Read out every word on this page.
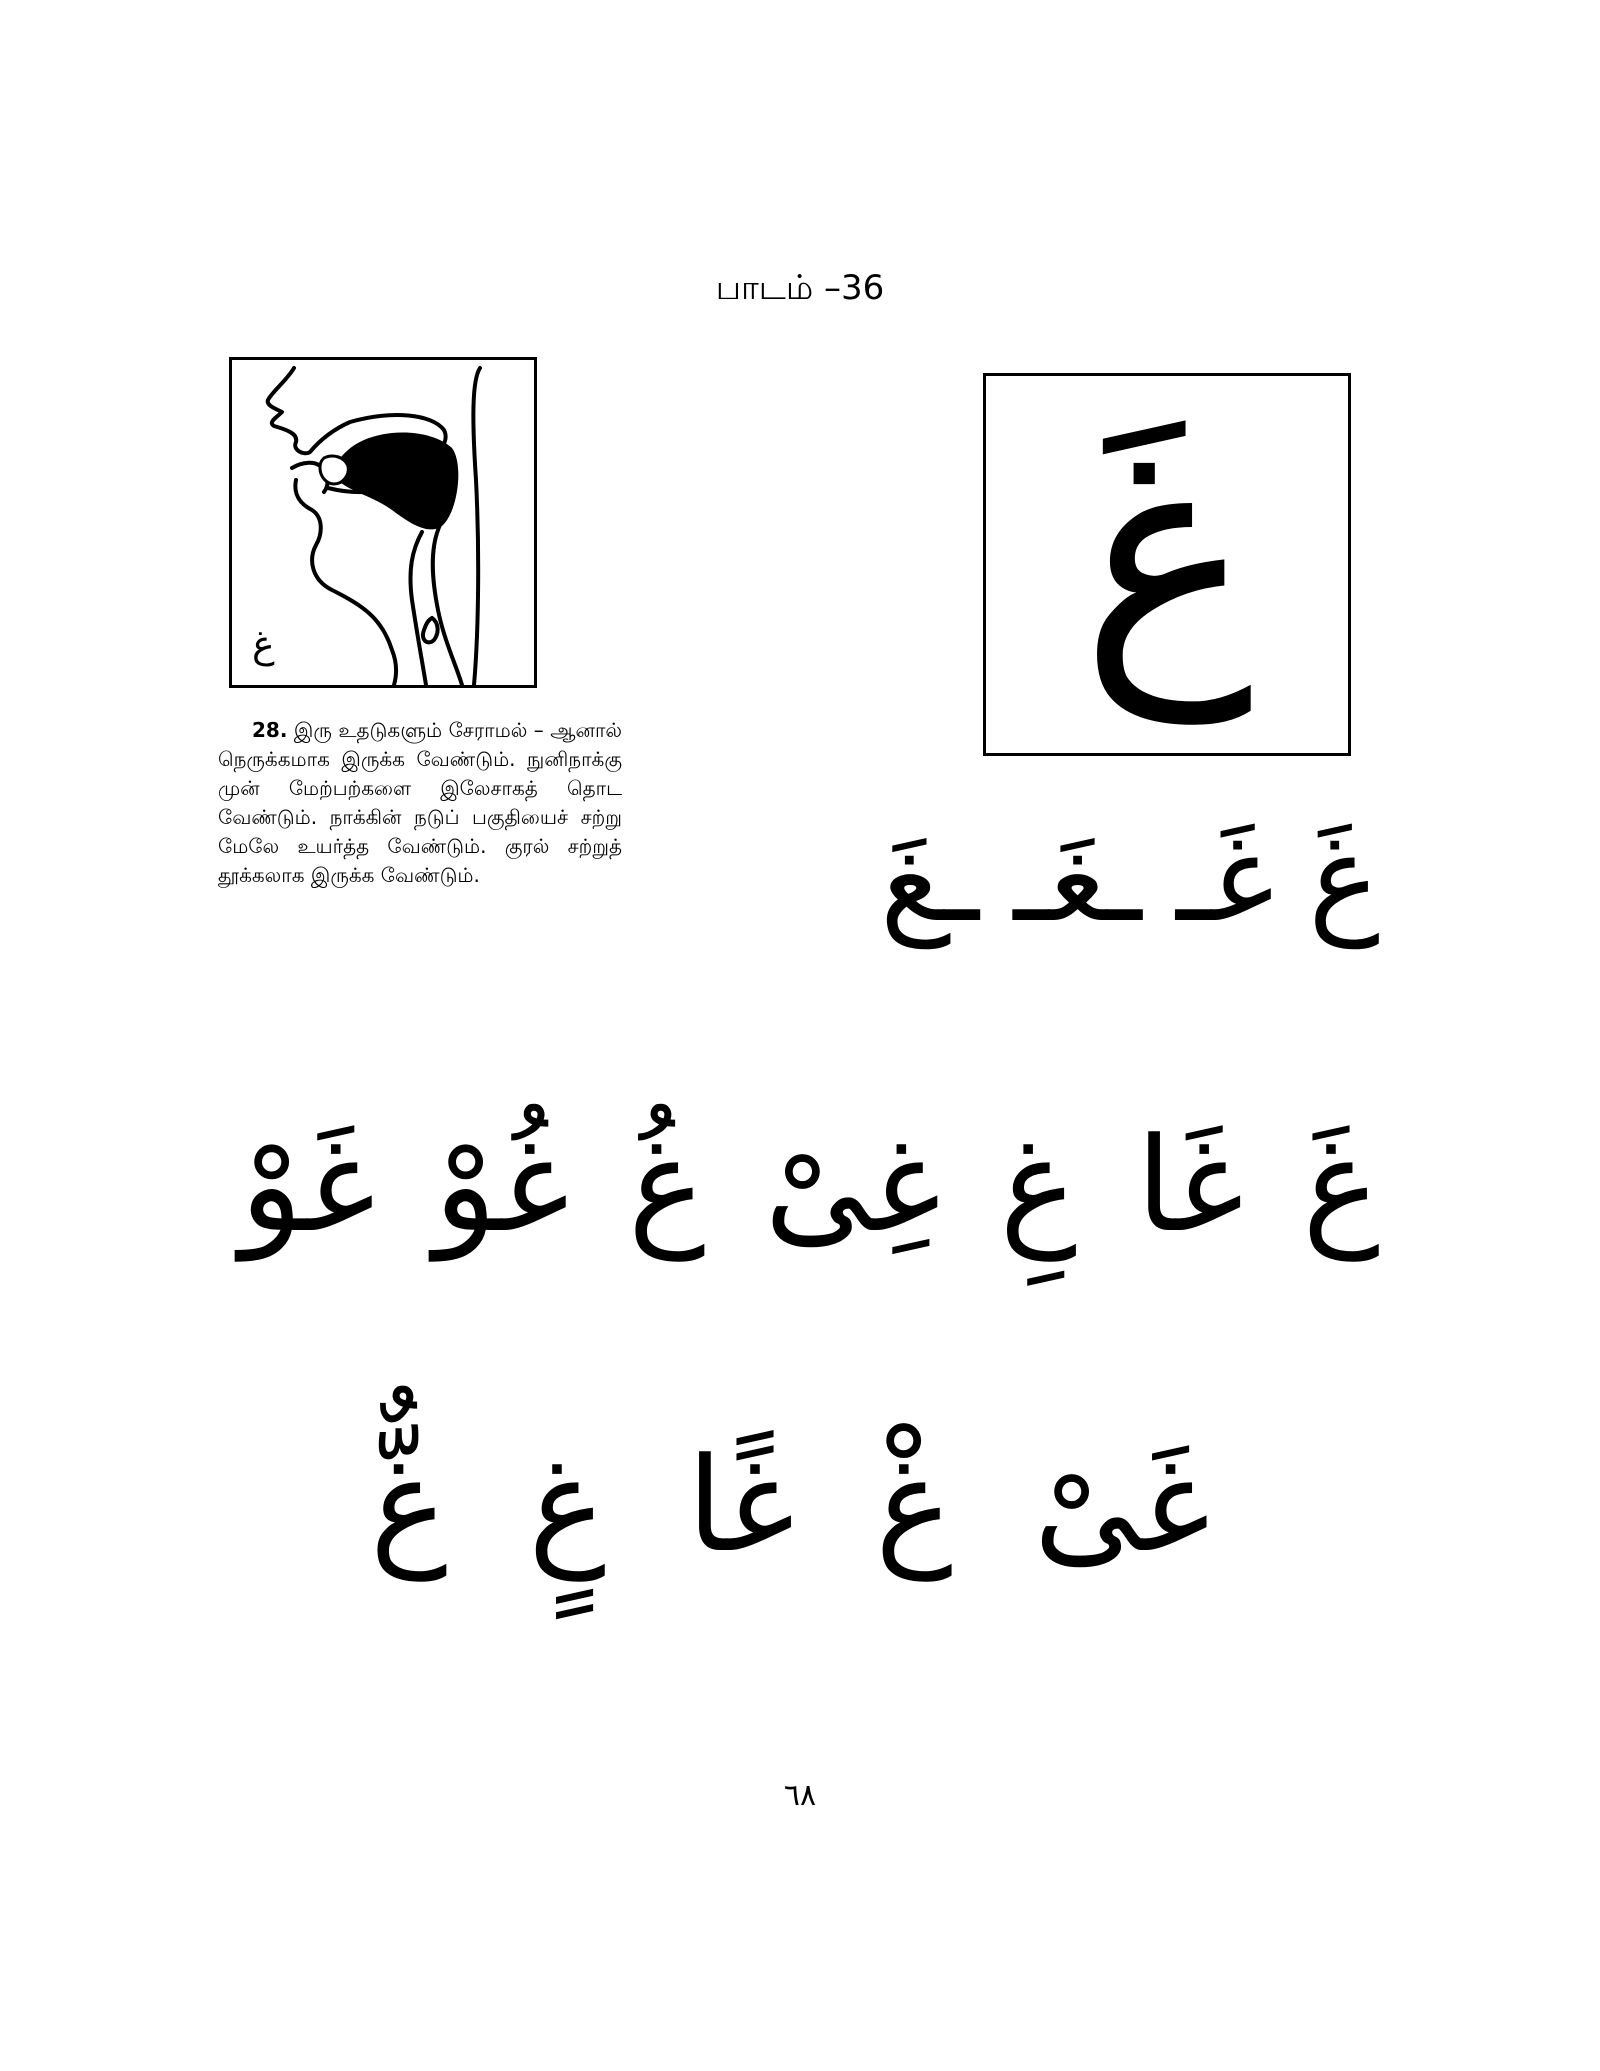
பாடம் –36
غ
28. இரு உதடுகளும் சேராமல் – ஆனால் நெருக்கமாக இருக்க வேண்டும். நுனிநாக்கு முன் மேற்பற்களை இலேசாகத் தொட வேண்டும். நாக்கின் நடுப் பகுதியைச் சற்று மேலே உயர்த்த வேண்டும். குரல் சற்றுத் தூக்கலாக இருக்க வேண்டும்.
غَ
غَ
غَـ
ـغَـ
ـغَ
غَ
غَا
غِ
غِیْ
غُ
غُوْ
غَوْ
غَیْ
غْ
غًا
غٍ
غٌّ
٦٨
